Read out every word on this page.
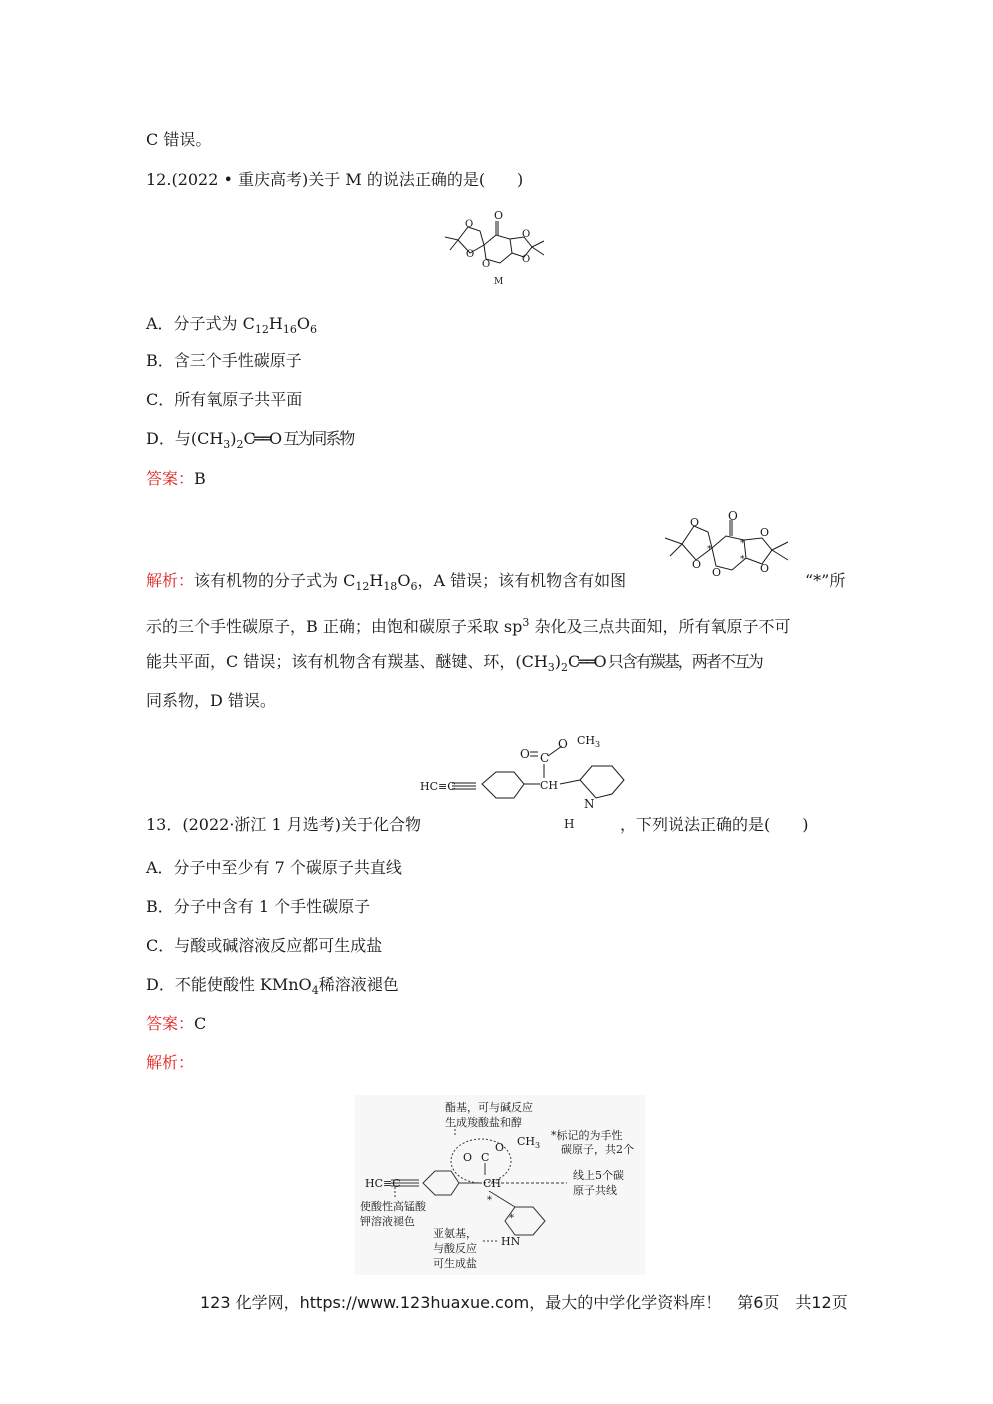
C 错误。
12.(2022 • 重庆高考)关于 M 的说法正确的是(　　)
O
O
O
O
O
O
M
A．分子式为 $C_{12}H_{16}O_6$
B．含三个手性碳原子
C．所有氧原子共平面
D．与$(CH_3)_2C══O$ 互为同系物
答案：B
O
O
O
O
O
O
*
*
*
解析：该有机物的分子式为 $C_{12}H_{18}O_6$，A 错误；该有机物含有如图	“*”所
示的三个手性碳原子，B 正确；由饱和碳原子采取 $sp^3$ 杂化及三点共面知，所有氧原子不可
能共平面，C 错误；该有机物含有羰基、醚键、环，$(CH_3)_2C══O$ 只含有羰基，两者不互为
同系物，D 错误。
O
O $CH_3$
C
HC≡C	CH
N
H
13．(2022·浙江 1 月选考)关于化合物	，下列说法正确的是(　　)
A．分子中至少有 7 个碳原子共直线
B．分子中含有 1 个手性碳原子
C．与酸或碱溶液反应都可生成盐
D．不能使酸性 KMnO$_4$稀溶液褪色
答案：C
解析：
酯基，可与碱反应
生成羧酸盐和醇
*标记的为手性
碳原子，共2个
线上5个碳
原子共线
使酸性高锰酸
钾溶液褪色
亚氨基，
与酸反应
可生成盐
HC≡C	CH
O C
O $CH_3$
HN
*
*
123 化学网，https://www.123huaxue.com，最大的中学化学资料库！　第6页　共12页
